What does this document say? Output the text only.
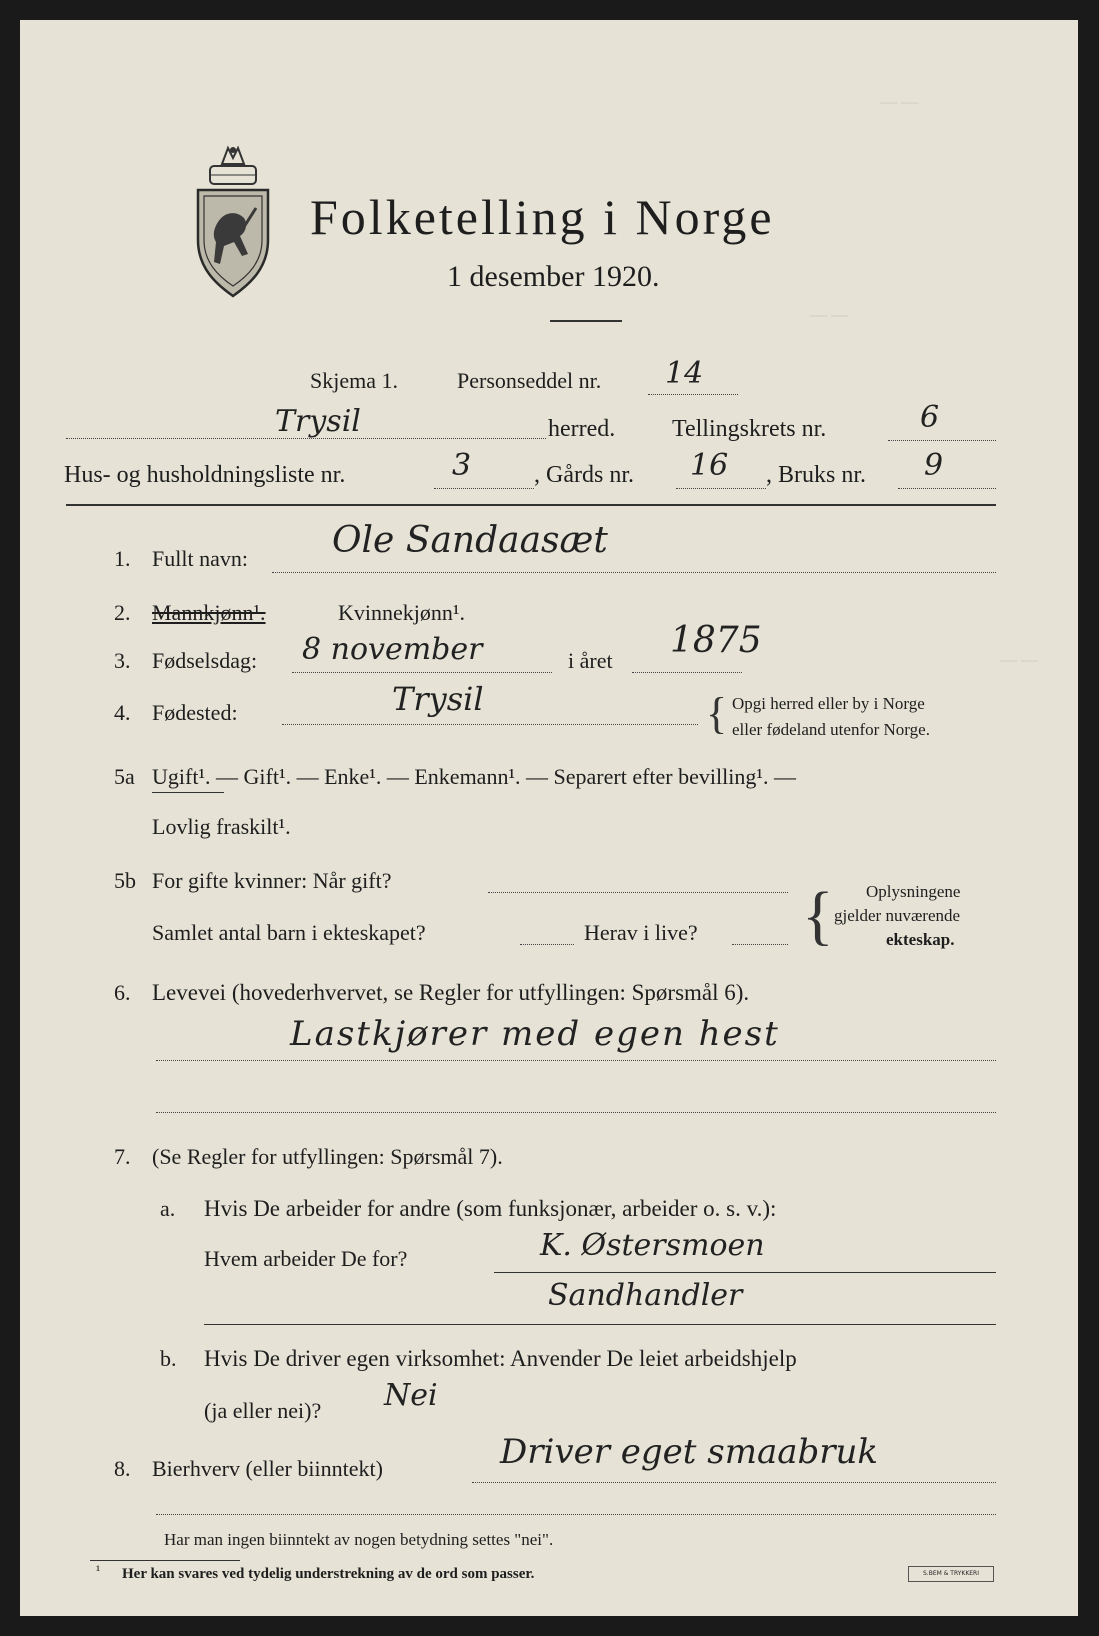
— —
— —
— —
Folketelling i Norge
1 desember 1920.
Skjema 1.	Personseddel nr. 14
Trysil	herred. Tellingskrets nr.	6
Hus- og husholdningsliste nr.	3	, Gårds nr. 16 , Bruks nr. 9
1. Fullt navn: Ole Sandaasæt
2. Mannkjønn¹.	Kvinnekjønn¹.
3. Fødselsdag: 8 november	i året 1875
4. Fødested:	Trysil	{ Opgi herred eller by i Norge
eller fødeland utenfor Norge.
5a Ugift¹. — Gift¹. — Enke¹. — Enkemann¹. — Separert efter bevilling¹. —
Lovlig fraskilt¹.
5b For gifte kvinner: Når gift?
Samlet antal barn i ekteskapet?	Herav i live? { Oplysningene
gjelder nuværende
ekteskap.
6. Levevei (hovederhvervet, se Regler for utfyllingen: Spørsmål 6).
Lastkjører med egen hest
7. (Se Regler for utfyllingen: Spørsmål 7).
a. Hvis De arbeider for andre (som funksjonær, arbeider o. s. v.):
Hvem arbeider De for?	K. Østersmoen
Sandhandler
b. Hvis De driver egen virksomhet: Anvender De leiet arbeidshjelp
(ja eller nei)? Nei
8. Bierhverv (eller biinntekt)	Driver eget smaabruk
Har man ingen biinntekt av nogen betydning settes "nei".
¹ Her kan svares ved tydelig understrekning av de ord som passer.	S.BEM & TRYKKERI
